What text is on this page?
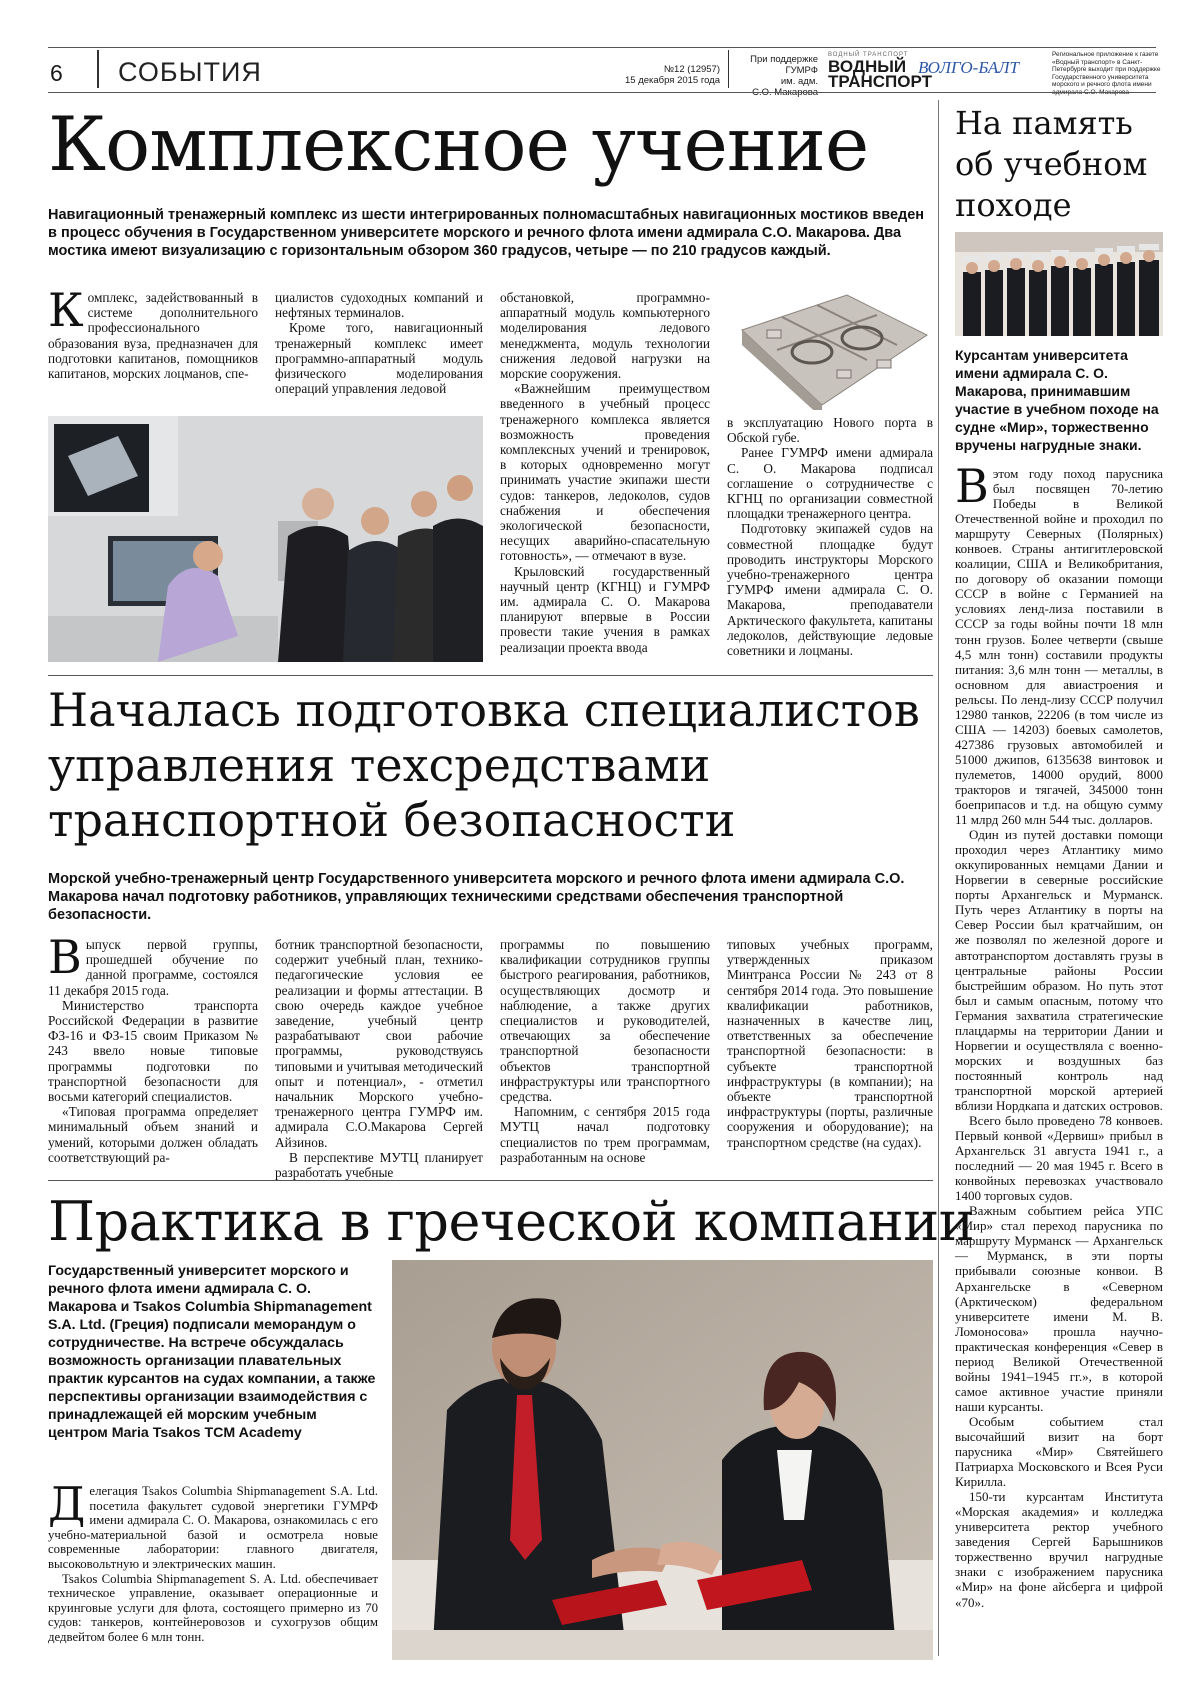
6 СОБЫТИЯ	№12 (12957)
15 декабря 2015 года
При поддержке
ГУМРФ
им. адм.
ВОДНЫЙ ТРАНСПОРТ
ВОДНЫЙ
ТРАНСПОРТ
ВОЛГО-БАЛТ
Региональное приложение к газете «Водный транспорт» в Санкт-Петербурге выходит при поддержке Государственного университета морского и речного флота имени
Комплексное учение
Навигационный тренажерный комплекс из шести интегрированных полномасштабных навигационных мостиков введен в процесс обучения в Государственном университете морского и речного флота имени адмирала С.О. Макарова. Два мостика имеют визуализацию с горизонтальным обзором 360 градусов, четыре — по 210 градусов каждый.
Комплекс, задействованный в системе дополнительного профессионального образования вуза, предназначен для подготовки капитанов, помощников капитанов, морских лоцманов, спе-

циалистов судоходных компаний и нефтяных терминалов.

Кроме того, навигационный тренажерный комплекс имеет программно-аппаратный модуль физического моделирования операций управления ледовой

обстановкой, программно-аппаратный модуль компьютерного моделирования ледового менеджмента, модуль технологии снижения ледовой нагрузки на морские сооружения.

«Важнейшим преимуществом введенного в учебный процесс тренажерного комплекса является возможность проведения комплексных учений и тренировок, в которых одновременно могут принимать участие экипажи шести судов: танкеров, ледоколов, судов снабжения и обеспечения экологической безопасности, несущих аварийно-спасательную готовность», — отмечают в вузе.

Крыловский государственный научный центр (КГНЦ) и ГУМРФ им. адмирала С. О. Макарова планируют впервые в России провести такие учения в рамках реализации проекта ввода

в эксплуатацию Нового порта в Обской губе.

Ранее ГУМРФ имени адмирала С. О. Макарова подписал соглашение о сотрудничестве с КГНЦ по организации совместной площадки тренажерного центра.

Подготовку экипажей судов на совместной площадке будут проводить инструкторы Морского учебно-тренажерного центра ГУМРФ имени адмирала С. О. Макарова, преподаватели Арктического факультета, капитаны ледоколов, действующие ледовые советники и лоцманы.

Началась подготовка специалистов
управления техсредствами
транспортной безопасности
Морской учебно-тренажерный центр Государственного университета морского и речного флота имени адмирала С.О. Макарова начал подготовку работников, управляющих техническими средствами обеспечения транспортной безопасности.

Выпуск первой группы, прошедшей обучение по данной программе, состоялся 11 декабря 2015 года.

Министерство транспорта Российской Федерации в развитие ФЗ-16 и ФЗ-15 своим Приказом № 243 ввело новые типовые программы подготовки по транспортной безопасности для восьми категорий специалистов.

«Типовая программа определяет минимальный объем знаний и умений, которыми должен обладать соответствующий ра-

ботник транспортной безопасности, содержит учебный план, технико-педагогические условия ее реализации и формы аттестации. В свою очередь каждое учебное заведение, учебный центр разрабатывают свои рабочие программы, руководствуясь типовыми и учитывая методический опыт и потенциал», - отметил начальник Морского учебно-тренажерного центра ГУМРФ им. адмирала С.О.Макарова Сергей Айзинов.

В перспективе МУТЦ планирует разработать учебные

программы по повышению квалификации сотрудников группы быстрого реагирования, работников, осуществляющих досмотр и наблюдение, а также других специалистов и руководителей, отвечающих за обеспечение транспортной безопасности объектов транспортной инфраструктуры или транспортного средства.

Напомним, с сентября 2015 года МУТЦ начал подготовку специалистов по трем программам, разработанным на основе

типовых учебных программ, утвержденных приказом Минтранса России № 243 от 8 сентября 2014 года. Это повышение квалификации работников, назначенных в качестве лиц, ответственных за обеспечение транспортной безопасности: в субъекте транспортной инфраструктуры (в компании); на объекте транспортной инфраструктуры (порты, различные сооружения и оборудование); на транспортном средстве (на судах).

Практика в греческой компании
Государственный университет морского и речного флота имени адмирала С. О. Макарова и Tsakos Columbia Shipmanagement S.A. Ltd. (Греция) подписали меморандум о сотрудничестве. На встрече обсуждалась возможность организации плавательных практик курсантов на судах компании, а также перспективы организации взаимодействия с принадлежащей ей морским учебным центром Maria Tsakos TCM Academy

Делегация Tsakos Columbia Shipmanagement S.A. Ltd. посетила факультет судовой энергетики ГУМРФ имени адмирала С. О. Макарова, ознакомилась с его учебно-материальной базой и осмотрела новые современные лаборатории: главного двигателя, высоковольтную и электрических машин.

Tsakos Columbia Shipmanagement S. A. Ltd. обеспечивает техническое управление, оказывает операционные и круинговые услуги для флота, состоящего примерно из 70 судов: танкеров, контейнеровозов и сухогрузов общим дедвейтом более 6 млн тонн.

На память
об учебном
походе
Курсантам университета имени адмирала С. О. Макарова, принимавшим участие в учебном походе на судне «Мир», торжественно вручены нагрудные знаки.

Вэтом году поход парусника был посвящен 70-летию Победы в Великой Отечественной войне и проходил по маршруту Северных (Полярных) конвоев. Страны антигитлеровской коалиции, США и Великобритания, по договору об оказании помощи СССР в войне с Германией на условиях ленд-лиза поставили в СССР за годы войны почти 18 млн тонн грузов. Более четверти (свыше 4,5 млн тонн) составили продукты питания: 3,6 млн тонн — металлы, в основном для авиастроения и рельсы. По ленд-лизу СССР получил 12980 танков, 22206 (в том числе из США — 14203) боевых самолетов, 427386 грузовых автомобилей и 51000 джипов, 6135638 винтовок и пулеметов, 14000 орудий, 8000 тракторов и тягачей, 345000 тонн боеприпасов и т.д. на общую сумму 11 млрд 260 млн 544 тыс. долларов.

Один из путей доставки помощи проходил через Атлантику мимо оккупированных немцами Дании и Норвегии в северные российские порты Архангельск и Мурманск. Путь через Атлантику в порты на Север России был кратчайшим, он же позволял по железной дороге и автотранспортом доставлять грузы в центральные районы России быстрейшим образом. Но путь этот был и самым опасным, потому что Германия захватила стратегические плацдармы на территории Дании и Норвегии и осуществляла с военно-морских и воздушных баз постоянный контроль над транспортной морской артерией вблизи Нордкапа и датских островов.

Всего было проведено 78 конвоев. Первый конвой «Дервиш» прибыл в Архангельск 31 августа 1941 г., а последний — 20 мая 1945 г. Всего в конвойных перевозках участвовало 1400 торговых судов.

Важным событием рейса УПС «Мир» стал переход парусника по маршруту Мурманск — Архангельск — Мурманск, в эти порты прибывали союзные конвои. В Архангельске в «Северном (Арктическом) федеральном университете имени М. В. Ломоносова» прошла научно-практическая конференция «Север в период Великой Отечественной войны 1941–1945 гг.», в которой самое активное участие приняли наши курсанты.

Особым событием стал высочайший визит на борт парусника «Мир» Святейшего Патриарха Московского и Всея Руси Кирилла.

150-ти курсантам Института «Морская академия» и колледжа университета ректор учебного заведения Сергей Барышников торжественно вручил нагрудные знаки с изображением парусника «Мир» на фоне айсберга и цифрой «70».
